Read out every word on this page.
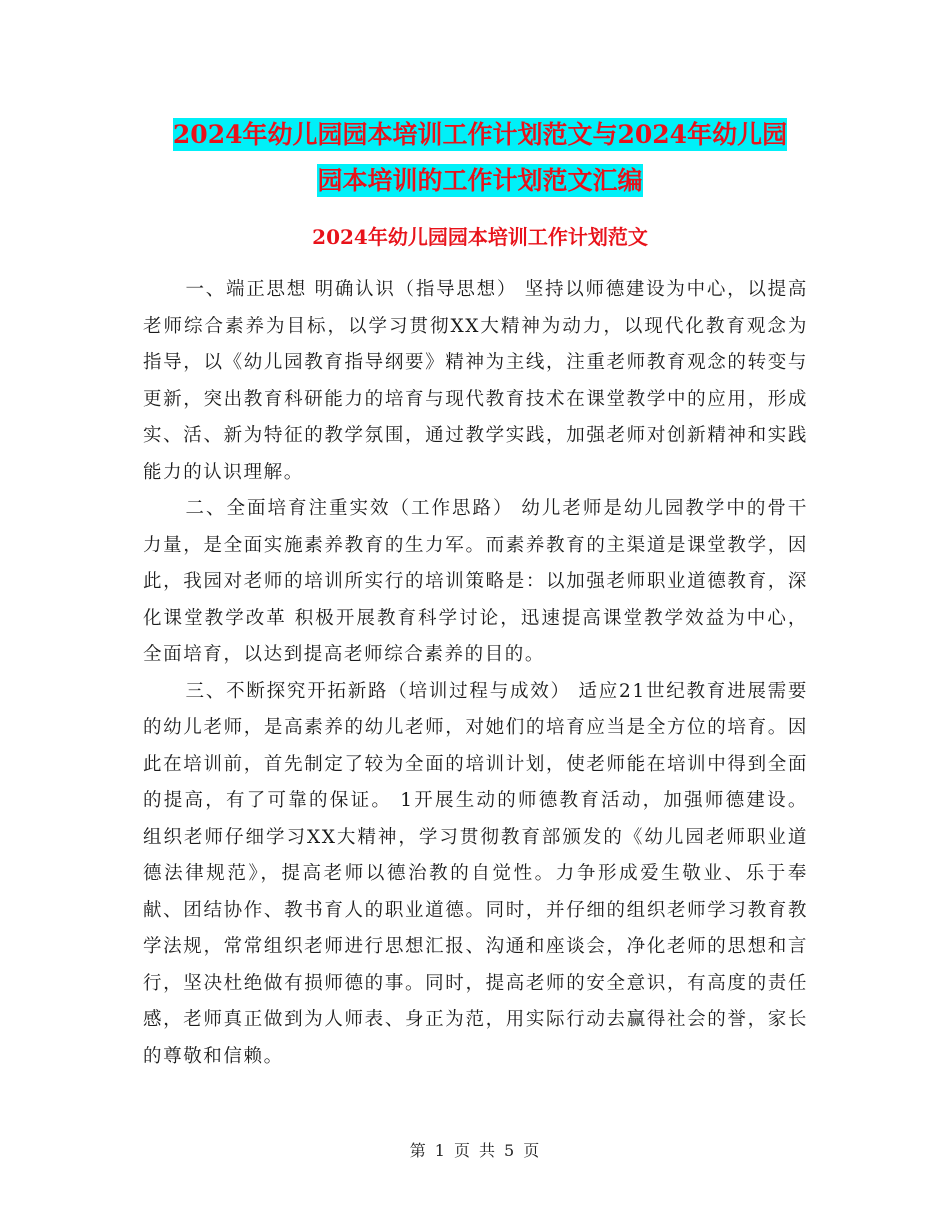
2024年幼儿园园本培训工作计划范文与2024年幼儿园
园本培训的工作计划范文汇编
2024年幼儿园园本培训工作计划范文

一、端正思想 明确认识（指导思想） 坚持以师德建设为中心，以提高老师综合素养为目标，以学习贯彻XX大精神为动力，以现代化教育观念为指导，以《幼儿园教育指导纲要》精神为主线，注重老师教育观念的转变与更新，突出教育科研能力的培育与现代教育技术在课堂教学中的应用，形成实、活、新为特征的教学氛围，通过教学实践，加强老师对创新精神和实践能力的认识理解。

二、全面培育注重实效（工作思路） 幼儿老师是幼儿园教学中的骨干力量，是全面实施素养教育的生力军。而素养教育的主渠道是课堂教学，因此，我园对老师的培训所实行的培训策略是：以加强老师职业道德教育，深化课堂教学改革 积极开展教育科学讨论，迅速提高课堂教学效益为中心，全面培育，以达到提高老师综合素养的目的。

三、不断探究开拓新路（培训过程与成效） 适应21世纪教育进展需要的幼儿老师，是高素养的幼儿老师，对她们的培育应当是全方位的培育。因此在培训前，首先制定了较为全面的培训计划，使老师能在培训中得到全面的提高，有了可靠的保证。 1开展生动的师德教育活动，加强师德建设。 组织老师仔细学习XX大精神，学习贯彻教育部颁发的《幼儿园老师职业道德法律规范》，提高老师以德治教的自觉性。力争形成爱生敬业、乐于奉献、团结协作、教书育人的职业道德。同时，并仔细的组织老师学习教育教学法规，常常组织老师进行思想汇报、沟通和座谈会，净化老师的思想和言行，坚决杜绝做有损师德的事。同时，提高老师的安全意识，有高度的责任感，老师真正做到为人师表、身正为范，用实际行动去赢得社会的誉，家长的尊敬和信赖。

第 1 页 共 5 页
